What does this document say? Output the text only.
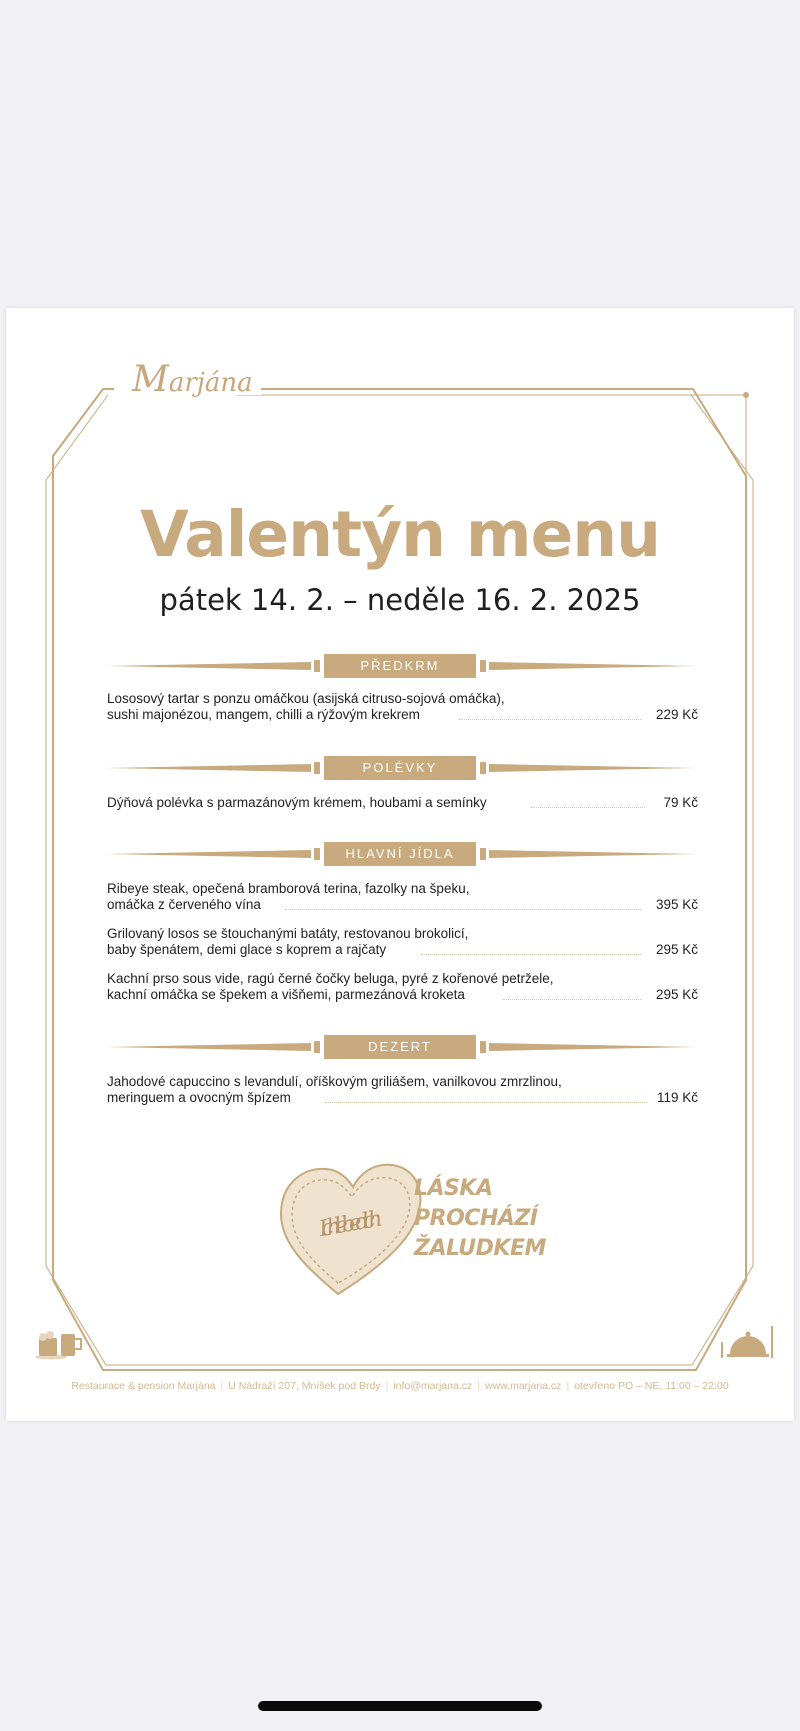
Marjána
Valentýn menu
pátek 14. 2. – neděle 16. 2. 2025
PŘEDKRM
Lososový tartar s ponzu omáčkou (asijská citruso-sojová omáčka),
sushi majonézou, mangem, chilli a rýžovým krekrem	229 Kč
POLÉVKY
Dýňová polévka s parmazánovým krémem, houbami a semínky	79 Kč
HLAVNÍ JÍDLA
Ribeye steak, opečená bramborová terina, fazolky na špeku,
omáčka z červeného vína	395 Kč
Grilovaný losos se štouchanými batáty, restovanou brokolicí,
baby špenátem, demi glace s koprem a rajčaty	295 Kč
Kachní prso sous vide, ragú černé čočky beluga, pyré z kořenové petržele,
kachní omáčka se špekem a višňemi, parmezánová kroketa	295 Kč
DEZERT
Jahodové capuccino s levandulí, oříškovým griliášem, vanilkovou zmrzlinou,
meringuem a ovocným špízem	119 Kč
Ich liebe dich
LÁSKA
PROCHÁZÍ
ŽALUDKEM
Restaurace & pension Marjána | U Nádraží 207, Mníšek pod Brdy | info@marjana.cz | www.marjana.cz | otevřeno PO – NE, 11:00 – 22:00
